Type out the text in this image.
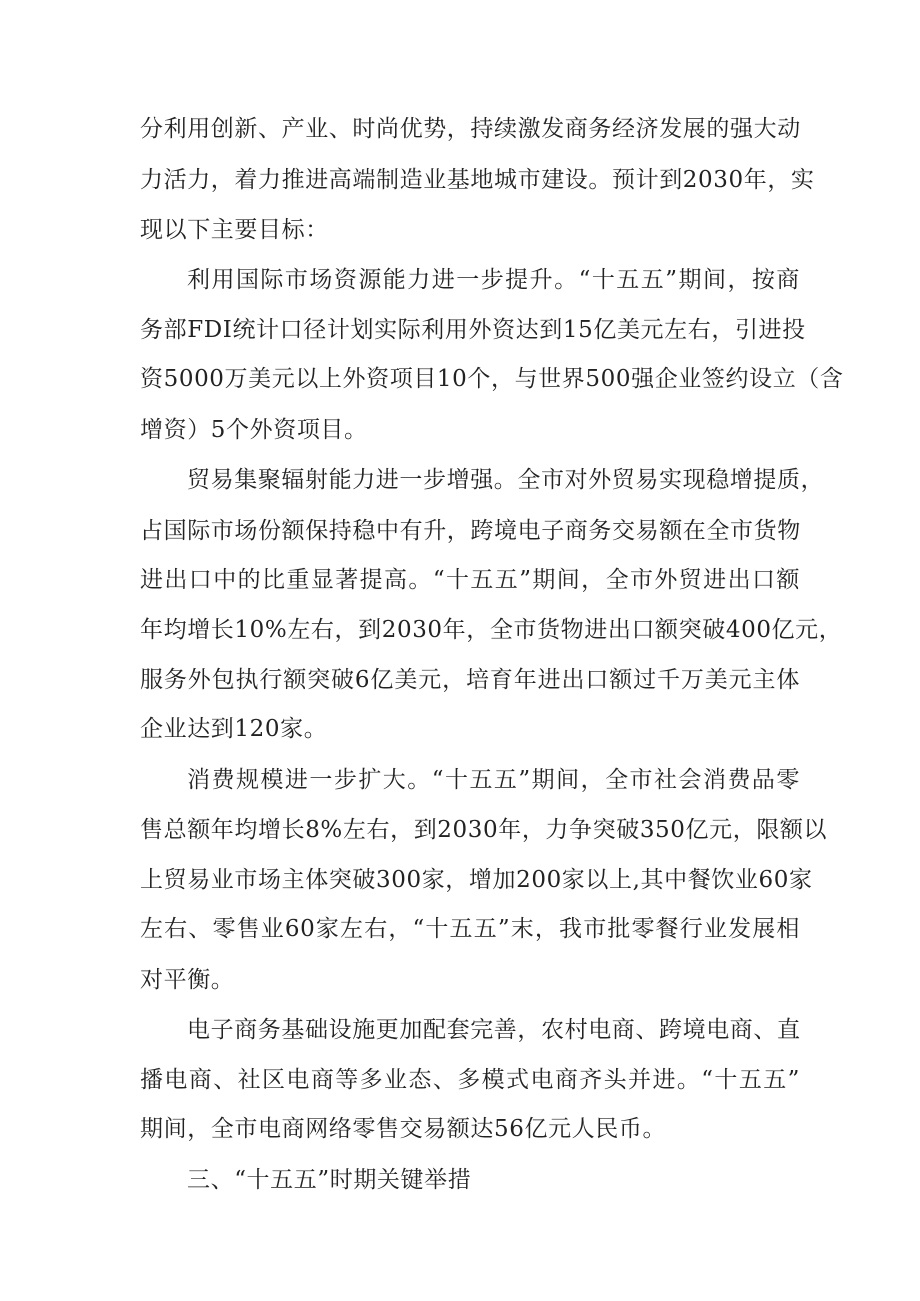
分利用创新、产业、时尚优势，持续激发商务经济发展的强大动
力活力，着力推进高端制造业基地城市建设。预计到2030年，实
现以下主要目标：
利用国际市场资源能力进一步提升。“十五五”期间，按商
务部FDI统计口径计划实际利用外资达到15亿美元左右，引进投
资5000万美元以上外资项目10个，与世界500强企业签约设立（含
增资）5个外资项目。
贸易集聚辐射能力进一步增强。全市对外贸易实现稳增提质，
占国际市场份额保持稳中有升，跨境电子商务交易额在全市货物
进出口中的比重显著提高。“十五五”期间，全市外贸进出口额
年均增长10%左右，到2030年，全市货物进出口额突破400亿元，
服务外包执行额突破6亿美元，培育年进出口额过千万美元主体
企业达到120家。
消费规模进一步扩大。“十五五”期间，全市社会消费品零
售总额年均增长8%左右，到2030年，力争突破350亿元，限额以
上贸易业市场主体突破300家，增加200家以上,其中餐饮业60家
左右、零售业60家左右，“十五五”末，我市批零餐行业发展相
对平衡。
电子商务基础设施更加配套完善，农村电商、跨境电商、直
播电商、社区电商等多业态、多模式电商齐头并进。“十五五”
期间，全市电商网络零售交易额达56亿元人民币。
三、“十五五”时期关键举措
